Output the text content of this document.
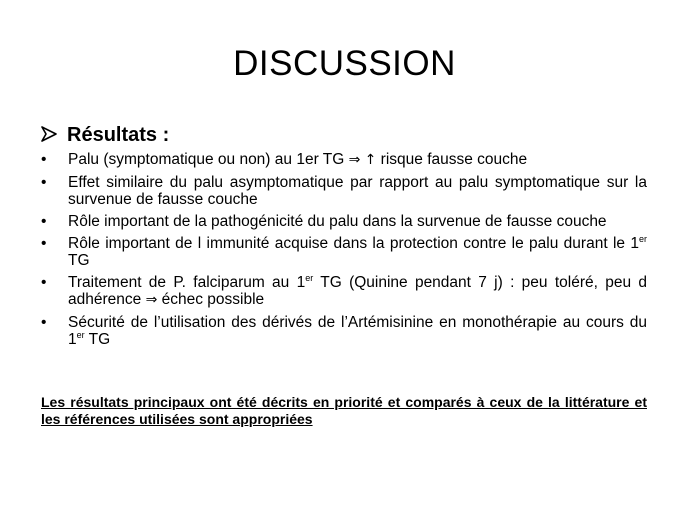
DISCUSSION
Résultats :
• Palu (symptomatique ou non) au 1er TG ⇒ ↑ risque fausse couche
• Effet similaire du palu asymptomatique par rapport au palu symptomatique sur la survenue de fausse couche
• Rôle important de la pathogénicité du palu dans la survenue de fausse couche
• Rôle important de l immunité acquise dans la protection contre le palu durant le 1er TG
• Traitement de P. falciparum au 1er TG (Quinine pendant 7 j) : peu toléré, peu d adhérence ⇒ échec possible
• Sécurité de l’utilisation des dérivés de l’Artémisinine en monothérapie au cours du 1er TG
Les résultats principaux ont été décrits en priorité et comparés à ceux de la littérature et les références utilisées sont appropriées
